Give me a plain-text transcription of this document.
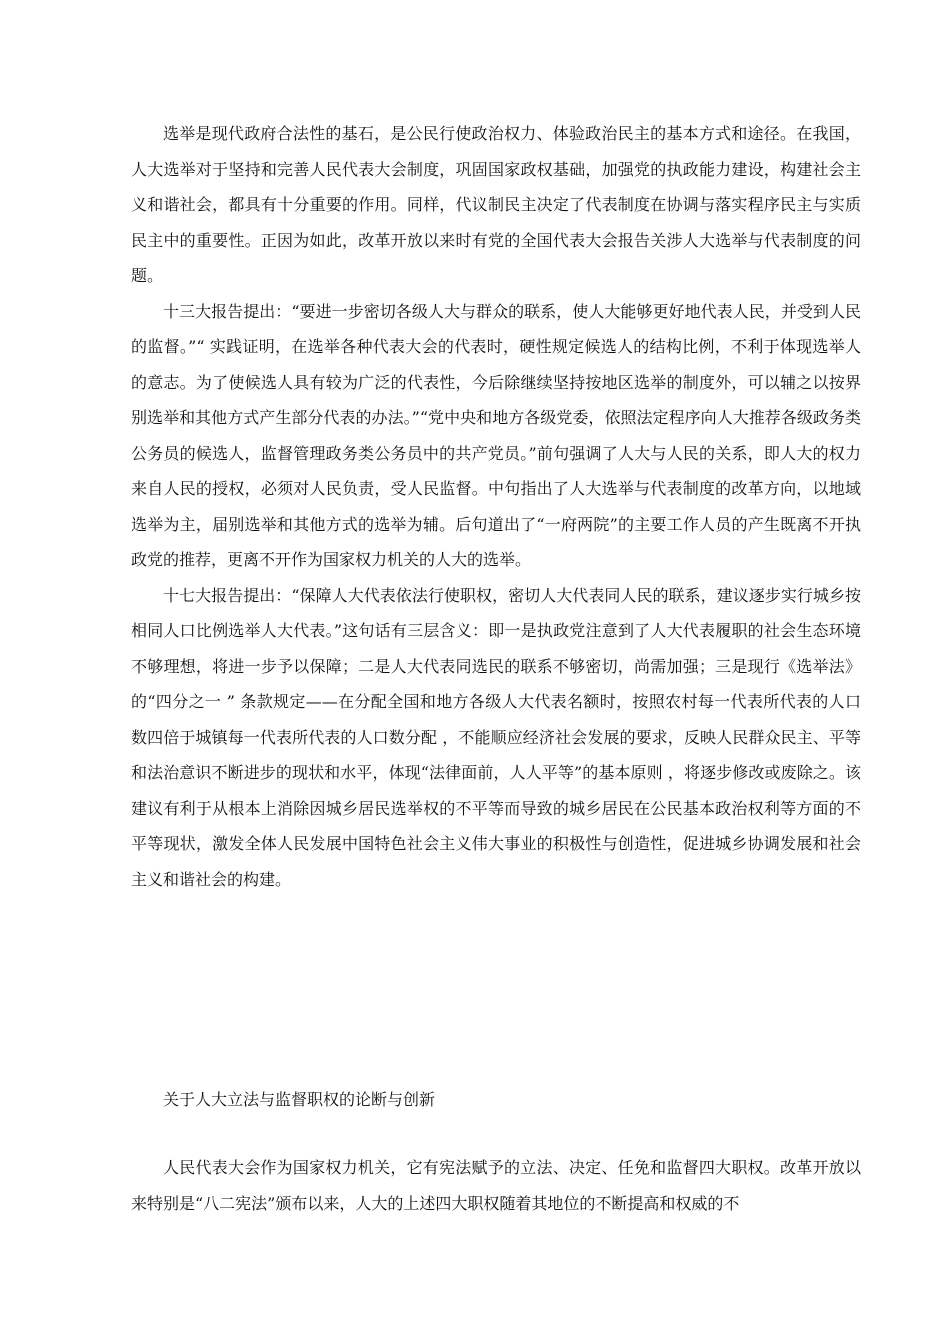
选举是现代政府合法性的基石，是公民行使政治权力、体验政治民主的基本方式和途径。在我国，人大选举对于坚持和完善人民代表大会制度，巩固国家政权基础，加强党的执政能力建设，构建社会主义和谐社会，都具有十分重要的作用。同样，代议制民主决定了代表制度在协调与落实程序民主与实质民主中的重要性。正因为如此，改革开放以来时有党的全国代表大会报告关涉人大选举与代表制度的问题。

十三大报告提出：“要进一步密切各级人大与群众的联系，使人大能够更好地代表人民，并受到人民的监督。”“ 实践证明，在选举各种代表大会的代表时，硬性规定候选人的结构比例，不利于体现选举人的意志。为了使候选人具有较为广泛的代表性，今后除继续坚持按地区选举的制度外，可以辅之以按界别选举和其他方式产生部分代表的办法。”“党中央和地方各级党委，依照法定程序向人大推荐各级政务类公务员的候选人，监督管理政务类公务员中的共产党员。”前句强调了人大与人民的关系，即人大的权力来自人民的授权，必须对人民负责，受人民监督。中句指出了人大选举与代表制度的改革方向，以地域选举为主，届别选举和其他方式的选举为辅。后句道出了“一府两院”的主要工作人员的产生既离不开执政党的推荐，更离不开作为国家权力机关的人大的选举。

十七大报告提出：“保障人大代表依法行使职权，密切人大代表同人民的联系，建议逐步实行城乡按相同人口比例选举人大代表。”这句话有三层含义：即一是执政党注意到了人大代表履职的社会生态环境不够理想，将进一步予以保障；二是人大代表同选民的联系不够密切，尚需加强；三是现行《选举法》的“四分之一 ” 条款规定——在分配全国和地方各级人大代表名额时，按照农村每一代表所代表的人口数四倍于城镇每一代表所代表的人口数分配 ，不能顺应经济社会发展的要求，反映人民群众民主、平等和法治意识不断进步的现状和水平，体现“法律面前，人人平等”的基本原则 ，将逐步修改或废除之。该建议有利于从根本上消除因城乡居民选举权的不平等而导致的城乡居民在公民基本政治权利等方面的不平等现状，激发全体人民发展中国特色社会主义伟大事业的积极性与创造性，促进城乡协调发展和社会主义和谐社会的构建。

关于人大立法与监督职权的论断与创新

人民代表大会作为国家权力机关，它有宪法赋予的立法、决定、任免和监督四大职权。改革开放以来特别是“八二宪法”颁布以来，人大的上述四大职权随着其地位的不断提高和权威的不
